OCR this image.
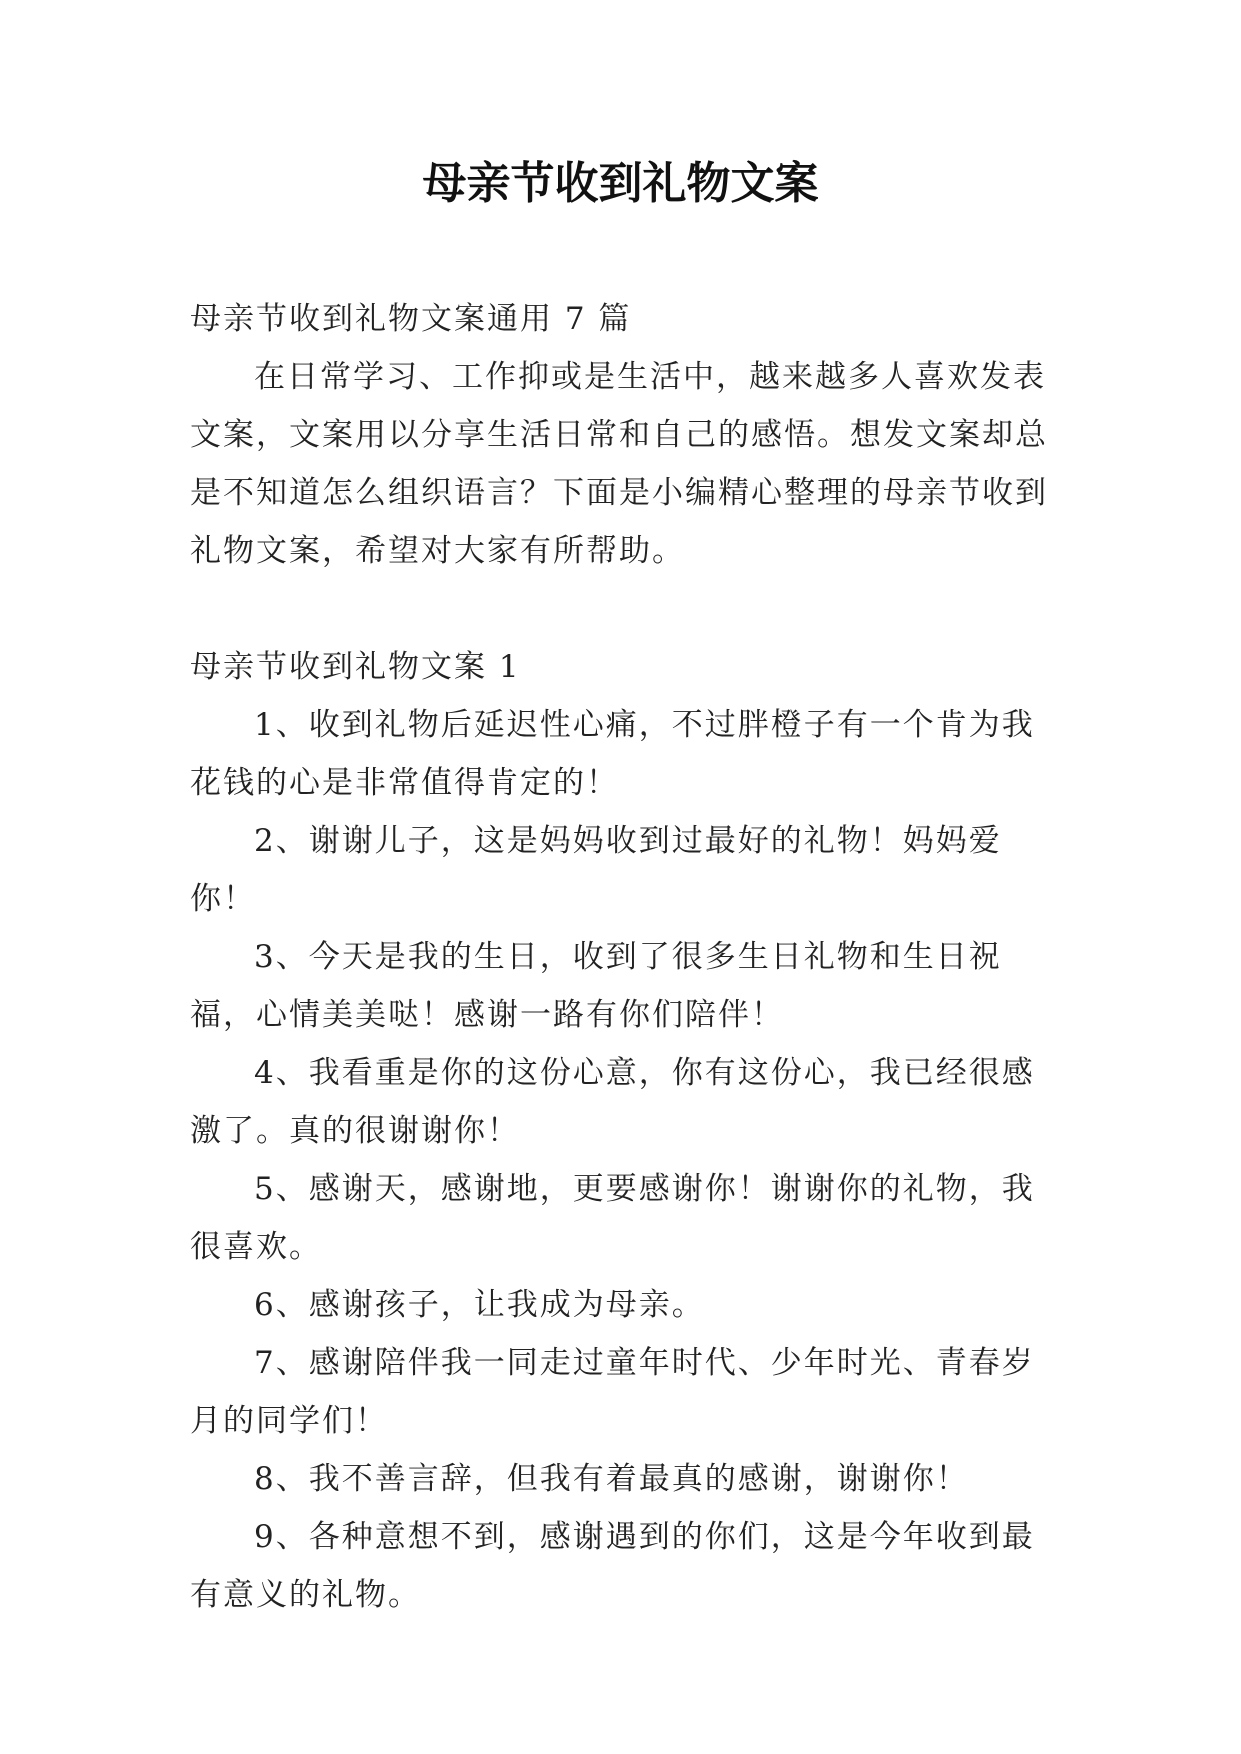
母亲节收到礼物文案

母亲节收到礼物文案通用 7 篇

在日常学习、工作抑或是生活中，越来越多人喜欢发表文案，文案用以分享生活日常和自己的感悟。想发文案却总是不知道怎么组织语言？下面是小编精心整理的母亲节收到礼物文案，希望对大家有所帮助。

母亲节收到礼物文案 1

1、收到礼物后延迟性心痛，不过胖橙子有一个肯为我花钱的心是非常值得肯定的！

2、谢谢儿子，这是妈妈收到过最好的礼物！妈妈爱你！

3、今天是我的生日，收到了很多生日礼物和生日祝福，心情美美哒！感谢一路有你们陪伴！

4、我看重是你的这份心意，你有这份心，我已经很感激了。真的很谢谢你！

5、感谢天，感谢地，更要感谢你！谢谢你的礼物，我很喜欢。

6、感谢孩子，让我成为母亲。

7、感谢陪伴我一同走过童年时代、少年时光、青春岁月的同学们！

8、我不善言辞，但我有着最真的感谢，谢谢你！

9、各种意想不到，感谢遇到的你们，这是今年收到最有意义的礼物。
